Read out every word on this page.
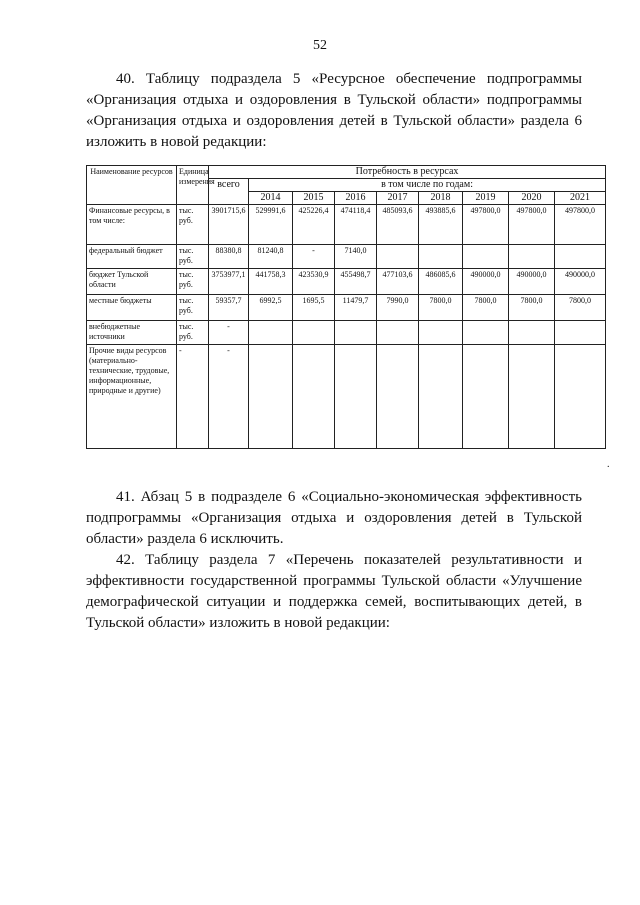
52

40. Таблицу подраздела 5 «Ресурсное обеспечение подпрограммы «Организация отдыха и оздоровления в Тульской области» подпрограммы «Организация отдыха и оздоровления детей в Тульской области» раздела 6 изложить в новой редакции:

Наименование ресурсов	Единица измерения	Потребность в ресурсах								
		всего	в том числе по годам:							
			2014	2015	2016	2017	2018	2019	2020	2021
Финансовые ресурсы, в том числе:	тыс. руб.	3901715,6	529991,6	425226,4	474118,4	485093,6	493885,6	497800,0	497800,0	497800,0
федеральный бюджет	тыс. руб.	88380,8	81240,8	-	7140,0					
бюджет Тульской области	тыс. руб.	3753977,1	441758,3	423530,9	455498,7	477103,6	486085,6	490000,0	490000,0	490000,0
местные бюджеты	тыс. руб.	59357,7	6992,5	1695,5	11479,7	7990,0	7800,0	7800,0	7800,0	7800,0
внебюджетные источники	тыс. руб.	-								
Прочие виды ресурсов (материально-технические, трудовые, информационные, природные и другие)	-	-								
.

41. Абзац 5 в подразделе 6 «Социально-экономическая эффективность подпрограммы «Организация отдыха и оздоровления детей в Тульской области» раздела 6 исключить.

42. Таблицу раздела 7 «Перечень показателей результативности и эффективности государственной программы Тульской области «Улучшение демографической ситуации и поддержка семей, воспитывающих детей, в Тульской области» изложить в новой редакции:
